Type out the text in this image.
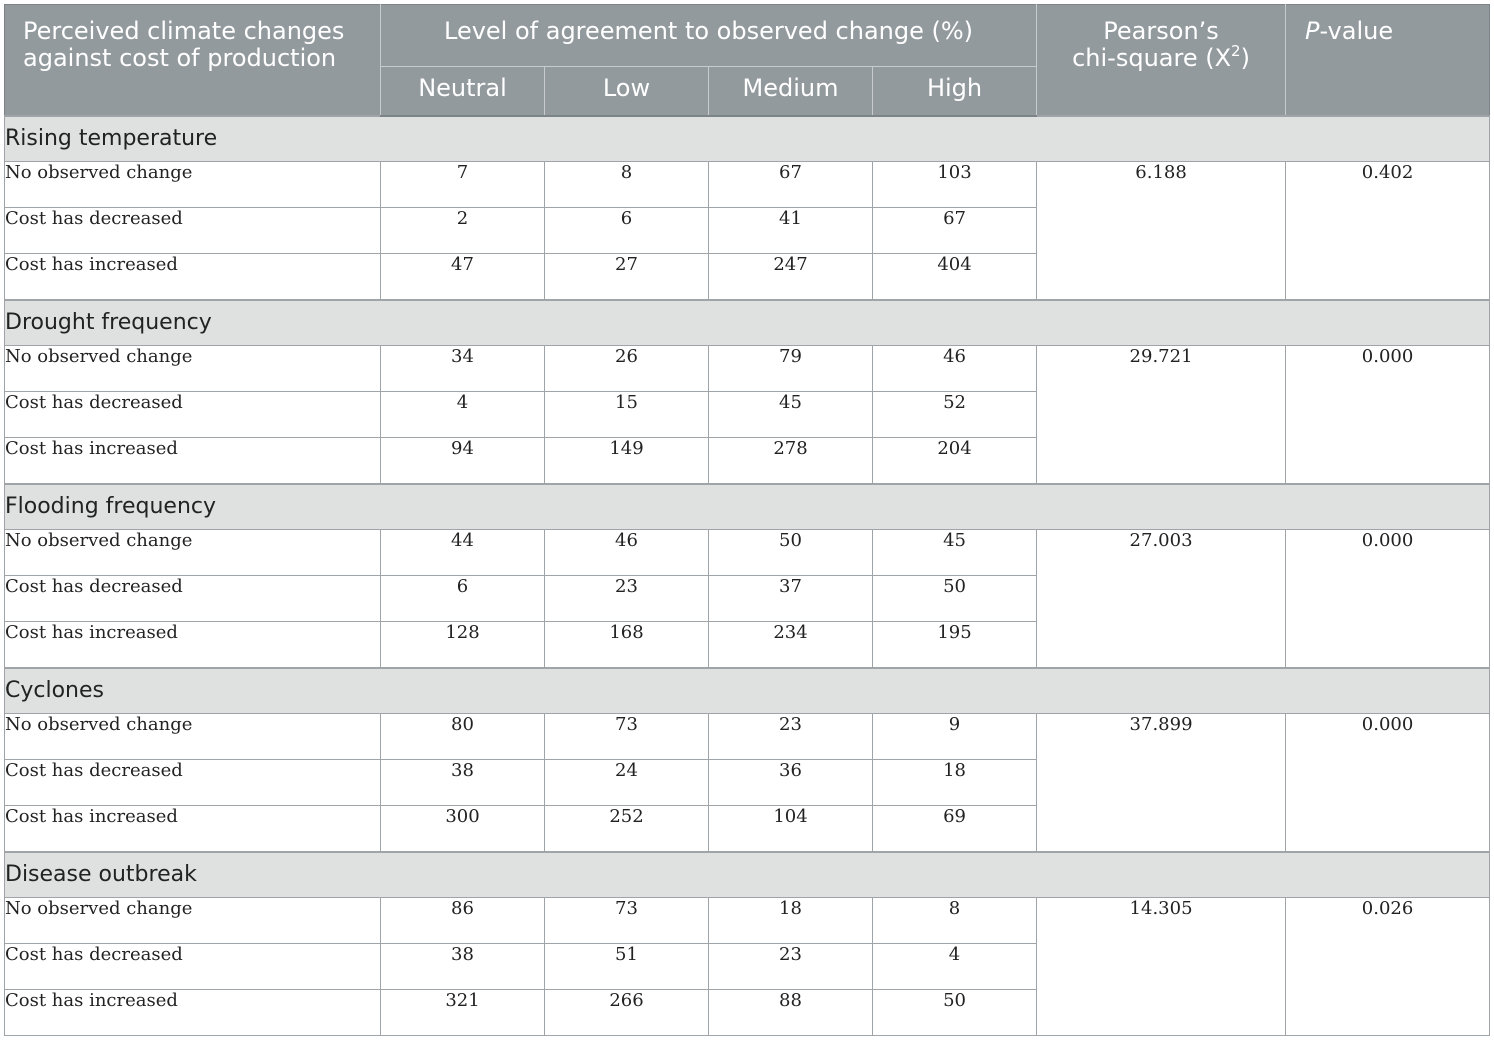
Perceived climate changes
against cost of production	Level of agreement to observed change (%)				Pearson’s
chi-square $(X^2)$	P-value
	Neutral	Low	Medium	High		
Rising temperature						
No observed change	7	8	67	103	6.188	0.402
Cost has decreased	2	6	41	67		
Cost has increased	47	27	247	404		
Drought frequency						
No observed change	34	26	79	46	29.721	0.000
Cost has decreased	4	15	45	52		
Cost has increased	94	149	278	204		
Flooding frequency						
No observed change	44	46	50	45	27.003	0.000
Cost has decreased	6	23	37	50		
Cost has increased	128	168	234	195		
Cyclones						
No observed change	80	73	23	9	37.899	0.000
Cost has decreased	38	24	36	18		
Cost has increased	300	252	104	69		
Disease outbreak						
No observed change	86	73	18	8	14.305	0.026
Cost has decreased	38	51	23	4		
Cost has increased	321	266	88	50		
